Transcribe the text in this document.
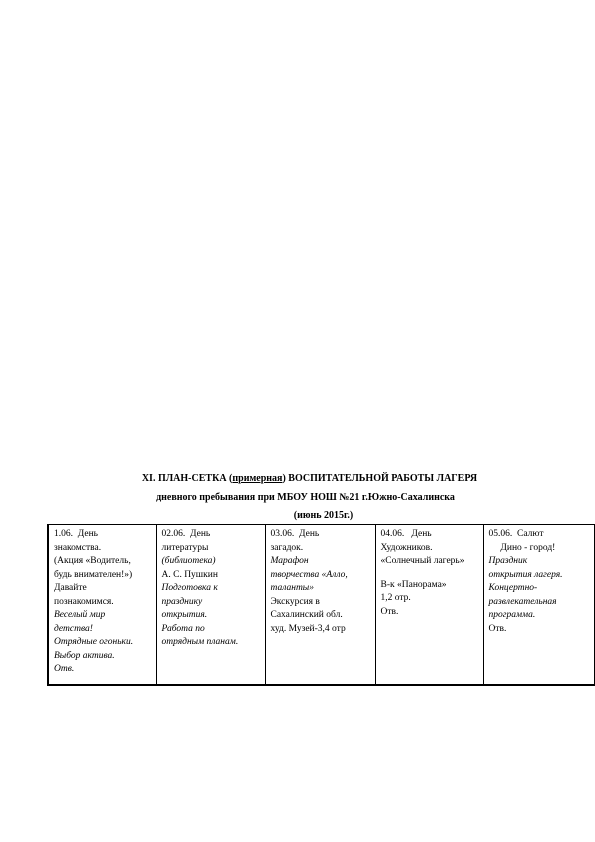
XI. ПЛАН-СЕТКА (примерная) ВОСПИТАТЕЛЬНОЙ РАБОТЫ ЛАГЕРЯ
дневного пребывания при МБОУ НОШ №21 г.Южно-Сахалинска
(июнь 2015г.)
1.06.  День
знакомства.
(Акция «Водитель,
будь внимателен!»)
Давайте
познакомимся.
Веселый мир
детства!
Отрядные огоньки.
Выбор актива.
Отв.

02.06.  День
литературы
(библиотека)
А. С. Пушкин
Подготовка к
празднику
открытия.
Работа по
отрядным планам.

03.06.  День
загадок.
Марафон
творчества «Алло,
таланты»
Экскурсия в
Сахалинский обл.
худ. Музей-3,4 отр

04.06.   День
Художников.
«Солнечный лагерь»
В-к «Панорама»
1,2 отр.
Отв.

05.06.  Салют
Дино - город!
Праздник
открытия лагеря.
Концертно-
развлекательная
программа.
Отв.
